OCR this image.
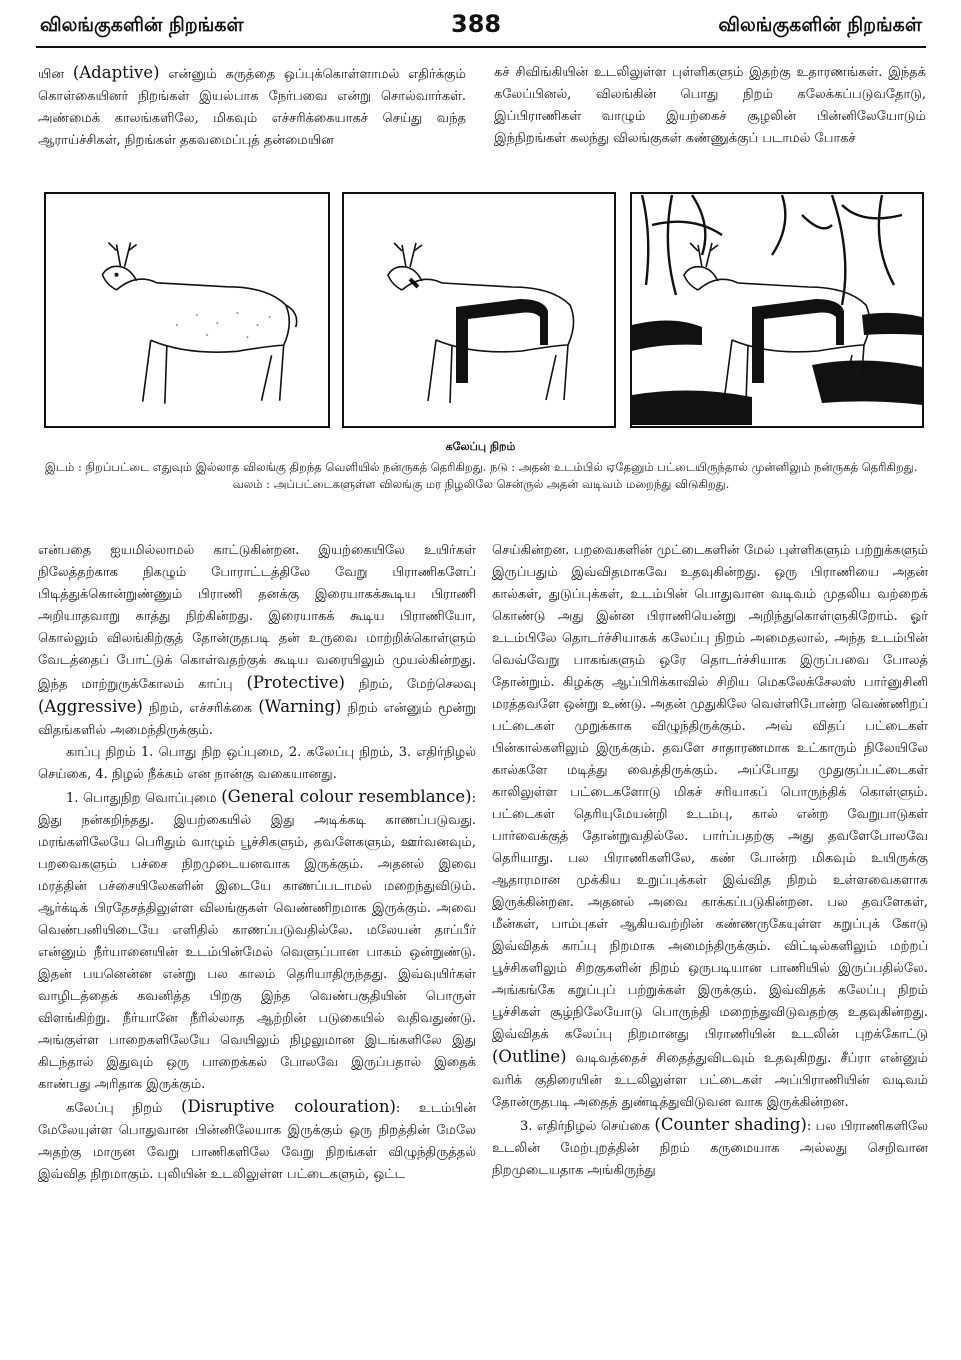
விலங்குகளின் நிறங்கள்	388	விலங்குகளின் நிறங்கள்

யின (Adaptive) என்னும் கருத்தை ஒப்புக்கொள்ளாமல் எதிர்க்கும் கொள்கையினர் நிறங்கள் இயல்பாக நேர்பவை என்று சொல்வார்கள். அண்மைக் காலங்களிலே, மிகவும் எச்சரிக்கையாகச் செய்து வந்த ஆராய்ச்சிகள், நிறங்கள் தகவமைப்புத் தன்மையின

கச் சிவிங்கியின் உடலிலுள்ள புள்ளிகளும் இதற்கு உதாரணங்கள். இந்தக் கலேப்பினல், விலங்கின் பொது நிறம் கலேக்கப்படுவதோடு, இப்பிராணிகள் வாழும் இயற்கைச் சூழலின் பின்னிலேயோடும் இந்நிறங்கள் கலந்து விலங்குகள் கண்ணுக்குப் படாமல் போகச்

கலேப்பு நிறம்
இடம் : நிறப்பட்டை எதுவும் இல்லாத விலங்கு திறந்த வெளியில் நன்ருகத் தெரிகிறது. நடு : அதன் உடம்பில் ஏதேனும் பட்டையிருந்தால் முன்னிலும் நன்ருகத் தெரிகிறது. வலம் : அப்பட்டைகளுள்ள விலங்கு மர நிழலிலே சென்ருல் அதன் வடிவம் மறைந்து விடுகிறது.

என்பதை ஐயமில்லாமல் காட்டுகின்றன. இயற்கையிலே உயிர்கள் நிலேத்தற்காக நிகழும் போராட்டத்திலே வேறு பிராணிகளேப் பிடித்துக்கொன்றுண்ணும் பிராணி தனக்கு இரையாகக்கூடிய பிராணி அறியாதவாறு காத்து நிற்கின்றது. இரையாகக் கூடிய பிராணியோ, கொல்லும் விலங்கிற்குத் தோன்ருதபடி தன் உருவை மாற்றிக்கொள்ளும் வேடத்தைப் போட்டுக் கொள்வதற்குக் கூடிய வரையிலும் முயல்கின்றது. இந்த மாற்றுருக்கோலம் காப்பு (Protective) நிறம், மேற்செலவு (Aggressive) நிறம், எச்சரிக்கை (Warning) நிறம் என்னும் மூன்று விதங்களில் அமைந்திருக்கும்.

காப்பு நிறம் 1. பொது நிற ஒப்புமை, 2. கலேப்பு நிறம், 3. எதிர்நிழல் செய்கை, 4. நிழல் நீக்கம் என நான்கு வகையானது.

1. பொதுநிற வொப்புமை (General colour resemblance): இது நன்கறிந்தது. இயற்கையில் இது அடிக்கடி காணப்படுவது. மரங்களிலேயே பெரிதும் வாழும் பூச்சிகளும், தவளேகளும், ஊர்வனவும், பறவைகளும் பச்சை நிறமுடையனவாக இருக்கும். அதனல் இவை மரத்தின் பச்சையிலேகளின் இடையே காணப்படாமல் மறைந்துவிடும். ஆர்க்டிக் பிரதேசத்திலுள்ள விலங்குகள் வெண்ணிறமாக இருக்கும். அவை வெண்பனியிடையே எளிதில் காணப்படுவதில்லே. மலேயன் தாப்பீர் என்னும் நீர்யானையின் உடம்பின்மேல் வெளுப்பான பாகம் ஒன்றுண்டு. இதன் பயனென்ன என்று பல காலம் தெரியாதிருந்தது. இவ்வுயிர்கள் வாழிடத்தைக் கவனித்த பிறகு இந்த வெண்பகுதியின் பொருள் விளங்கிற்று. நீர்யானே நீரில்லாத ஆற்றின் படுகையில் வதிவதுண்டு. அங்குள்ள பாறைகளிலேயே வெயிலும் நிழலுமான இடங்களிலே இது கிடந்தால் இதுவும் ஒரு பாறைக்கல் போலவே இருப்பதால் இதைக் காண்பது அரிதாக இருக்கும்.

கலேப்பு நிறம் (Disruptive colouration): உடம்பின் மேலேயுள்ள பொதுவான பின்னிலேயாக இருக்கும் ஒரு நிறத்தின் மேலே அதற்கு மாருன வேறு பாணிகளிலே வேறு நிறங்கள் விழுந்திருத்தல் இவ்வித நிறமாகும். புலியின் உடலிலுள்ள பட்டைகளும், ஒட்ட

செய்கின்றன. பறவைகளின் முட்டைகளின் மேல் புள்ளிகளும் பற்றுக்களும் இருப்பதும் இவ்விதமாகவே உதவுகின்றது. ஒரு பிராணியை அதன் கால்கள், துடுப்புக்கள், உடம்பின் பொதுவான வடிவம் முதலிய வற்றைக் கொண்டு அது இன்ன பிராணியென்று அறிந்துகொள்ளுகிறோம். ஓர் உடம்பிலே தொடர்ச்சியாகக் கலேப்பு நிறம் அமைதலால், அந்த உடம்பின் வெவ்வேறு பாகங்களும் ஒரே தொடர்ச்சியாக இருப்பவை போலத் தோன்றும். கிழக்கு ஆப்பிரிக்காவில் சிறிய மெகலேக்சேலஸ் பார்னுசினி மரத்தவளே ஒன்று உண்டு. அதன் முதுகிலே வெள்ளிபோன்ற வெண்ணிறப் பட்டைகள் முறுக்காக விழுந்திருக்கும். அவ் விதப் பட்டைகள் பின்கால்களிலும் இருக்கும். தவளே சாதாரணமாக உட்காரும் நிலேயிலே கால்களே மடித்து வைத்திருக்கும். அப்போது முதுகுப்பட்டைகள் காலிலுள்ள பட்டைகளோடு மிகச் சரியாகப் பொருந்திக் கொள்ளும். பட்டைகள் தெரியுமேயன்றி உடம்பு, கால் என்ற வேறுபாடுகள் பார்வைக்குத் தோன்றுவதில்லே. பார்ப்பதற்கு அது தவளேபோலவே தெரியாது. பல பிராணிகளிலே, கண் போன்ற மிகவும் உயிருக்கு ஆதாரமான முக்கிய உறுப்புக்கள் இவ்வித நிறம் உள்ளவைகளாக இருக்கின்றன. அதனல் அவை காக்கப்படுகின்றன. பல தவளேகள், மீன்கள், பாம்புகள் ஆகியவற்றின் கண்ணருகேயுள்ள கறுப்புக் கோடு இவ்விதக் காப்பு நிறமாக அமைந்திருக்கும். விட்டில்களிலும் மற்றப் பூச்சிகளிலும் சிறகுகளின் நிறம் ஒருபடியான பாணியில் இருப்பதில்லே. அங்கங்கே கறுப்புப் பற்றுக்கள் இருக்கும். இவ்விதக் கலேப்பு நிறம் பூச்சிகள் சூழ்நிலேயோடு பொருந்தி மறைந்துவிடுவதற்கு உதவுகின்றது. இவ்விதக் கலேப்பு நிறமானது பிராணியின் உடலின் புறக்கோட்டு (Outline) வடிவத்தைச் சிதைத்துவிடவும் உதவுகிறது. சீப்ரா என்னும் வரிக் குதிரையின் உடலிலுள்ள பட்டைகள் அப்பிராணியின் வடிவம் தோன்ருதபடி அதைத் துண்டித்துவிடுவன வாக இருக்கின்றன.

3. எதிர்நிழல் செய்கை (Counter shading): பல பிராணிகளிலே உடலின் மேற்புறத்தின் நிறம் கருமையாக அல்லது செறிவான நிறமுடையதாக அங்கிருந்து
